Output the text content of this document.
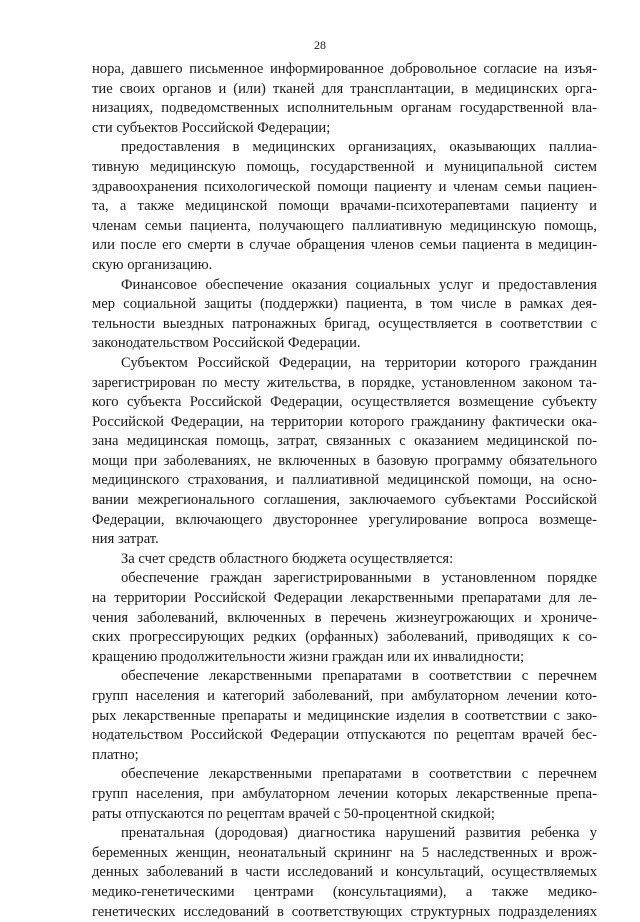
28
нора, давшего письменное информированное добровольное согласие на изъя-
тие своих органов и (или) тканей для трансплантации, в медицинских орга-
низациях, подведомственных исполнительным органам государственной вла-
сти субъектов Российской Федерации;
предоставления в медицинских организациях, оказывающих паллиа-
тивную медицинскую помощь, государственной и муниципальной систем
здравоохранения психологической помощи пациенту и членам семьи пациен-
та, а также медицинской помощи врачами-психотерапевтами пациенту и
членам семьи пациента, получающего паллиативную медицинскую помощь,
или после его смерти в случае обращения членов семьи пациента в медицин-
скую организацию.
Финансовое обеспечение оказания социальных услуг и предоставления
мер социальной защиты (поддержки) пациента, в том числе в рамках дея-
тельности выездных патронажных бригад, осуществляется в соответствии с
законодательством Российской Федерации.
Субъектом Российской Федерации, на территории которого гражданин
зарегистрирован по месту жительства, в порядке, установленном законом та-
кого субъекта Российской Федерации, осуществляется возмещение субъекту
Российской Федерации, на территории которого гражданину фактически ока-
зана медицинская помощь, затрат, связанных с оказанием медицинской по-
мощи при заболеваниях, не включенных в базовую программу обязательного
медицинского страхования, и паллиативной медицинской помощи, на осно-
вании межрегионального соглашения, заключаемого субъектами Российской
Федерации, включающего двустороннее урегулирование вопроса возмеще-
ния затрат.
За счет средств областного бюджета осуществляется:
обеспечение граждан зарегистрированными в установленном порядке
на территории Российской Федерации лекарственными препаратами для ле-
чения заболеваний, включенных в перечень жизнеугрожающих и хрониче-
ских прогрессирующих редких (орфанных) заболеваний, приводящих к со-
кращению продолжительности жизни граждан или их инвалидности;
обеспечение лекарственными препаратами в соответствии с перечнем
групп населения и категорий заболеваний, при амбулаторном лечении кото-
рых лекарственные препараты и медицинские изделия в соответствии с зако-
нодательством Российской Федерации отпускаются по рецептам врачей бес-
платно;
обеспечение лекарственными препаратами в соответствии с перечнем
групп населения, при амбулаторном лечении которых лекарственные препа-
раты отпускаются по рецептам врачей с 50-процентной скидкой;
пренатальная (дородовая) диагностика нарушений развития ребенка у
беременных женщин, неонатальный скрининг на 5 наследственных и врож-
денных заболеваний в части исследований и консультаций, осуществляемых
медико-генетическими центрами (консультациями), а также медико-
генетических исследований в соответствующих структурных подразделениях
